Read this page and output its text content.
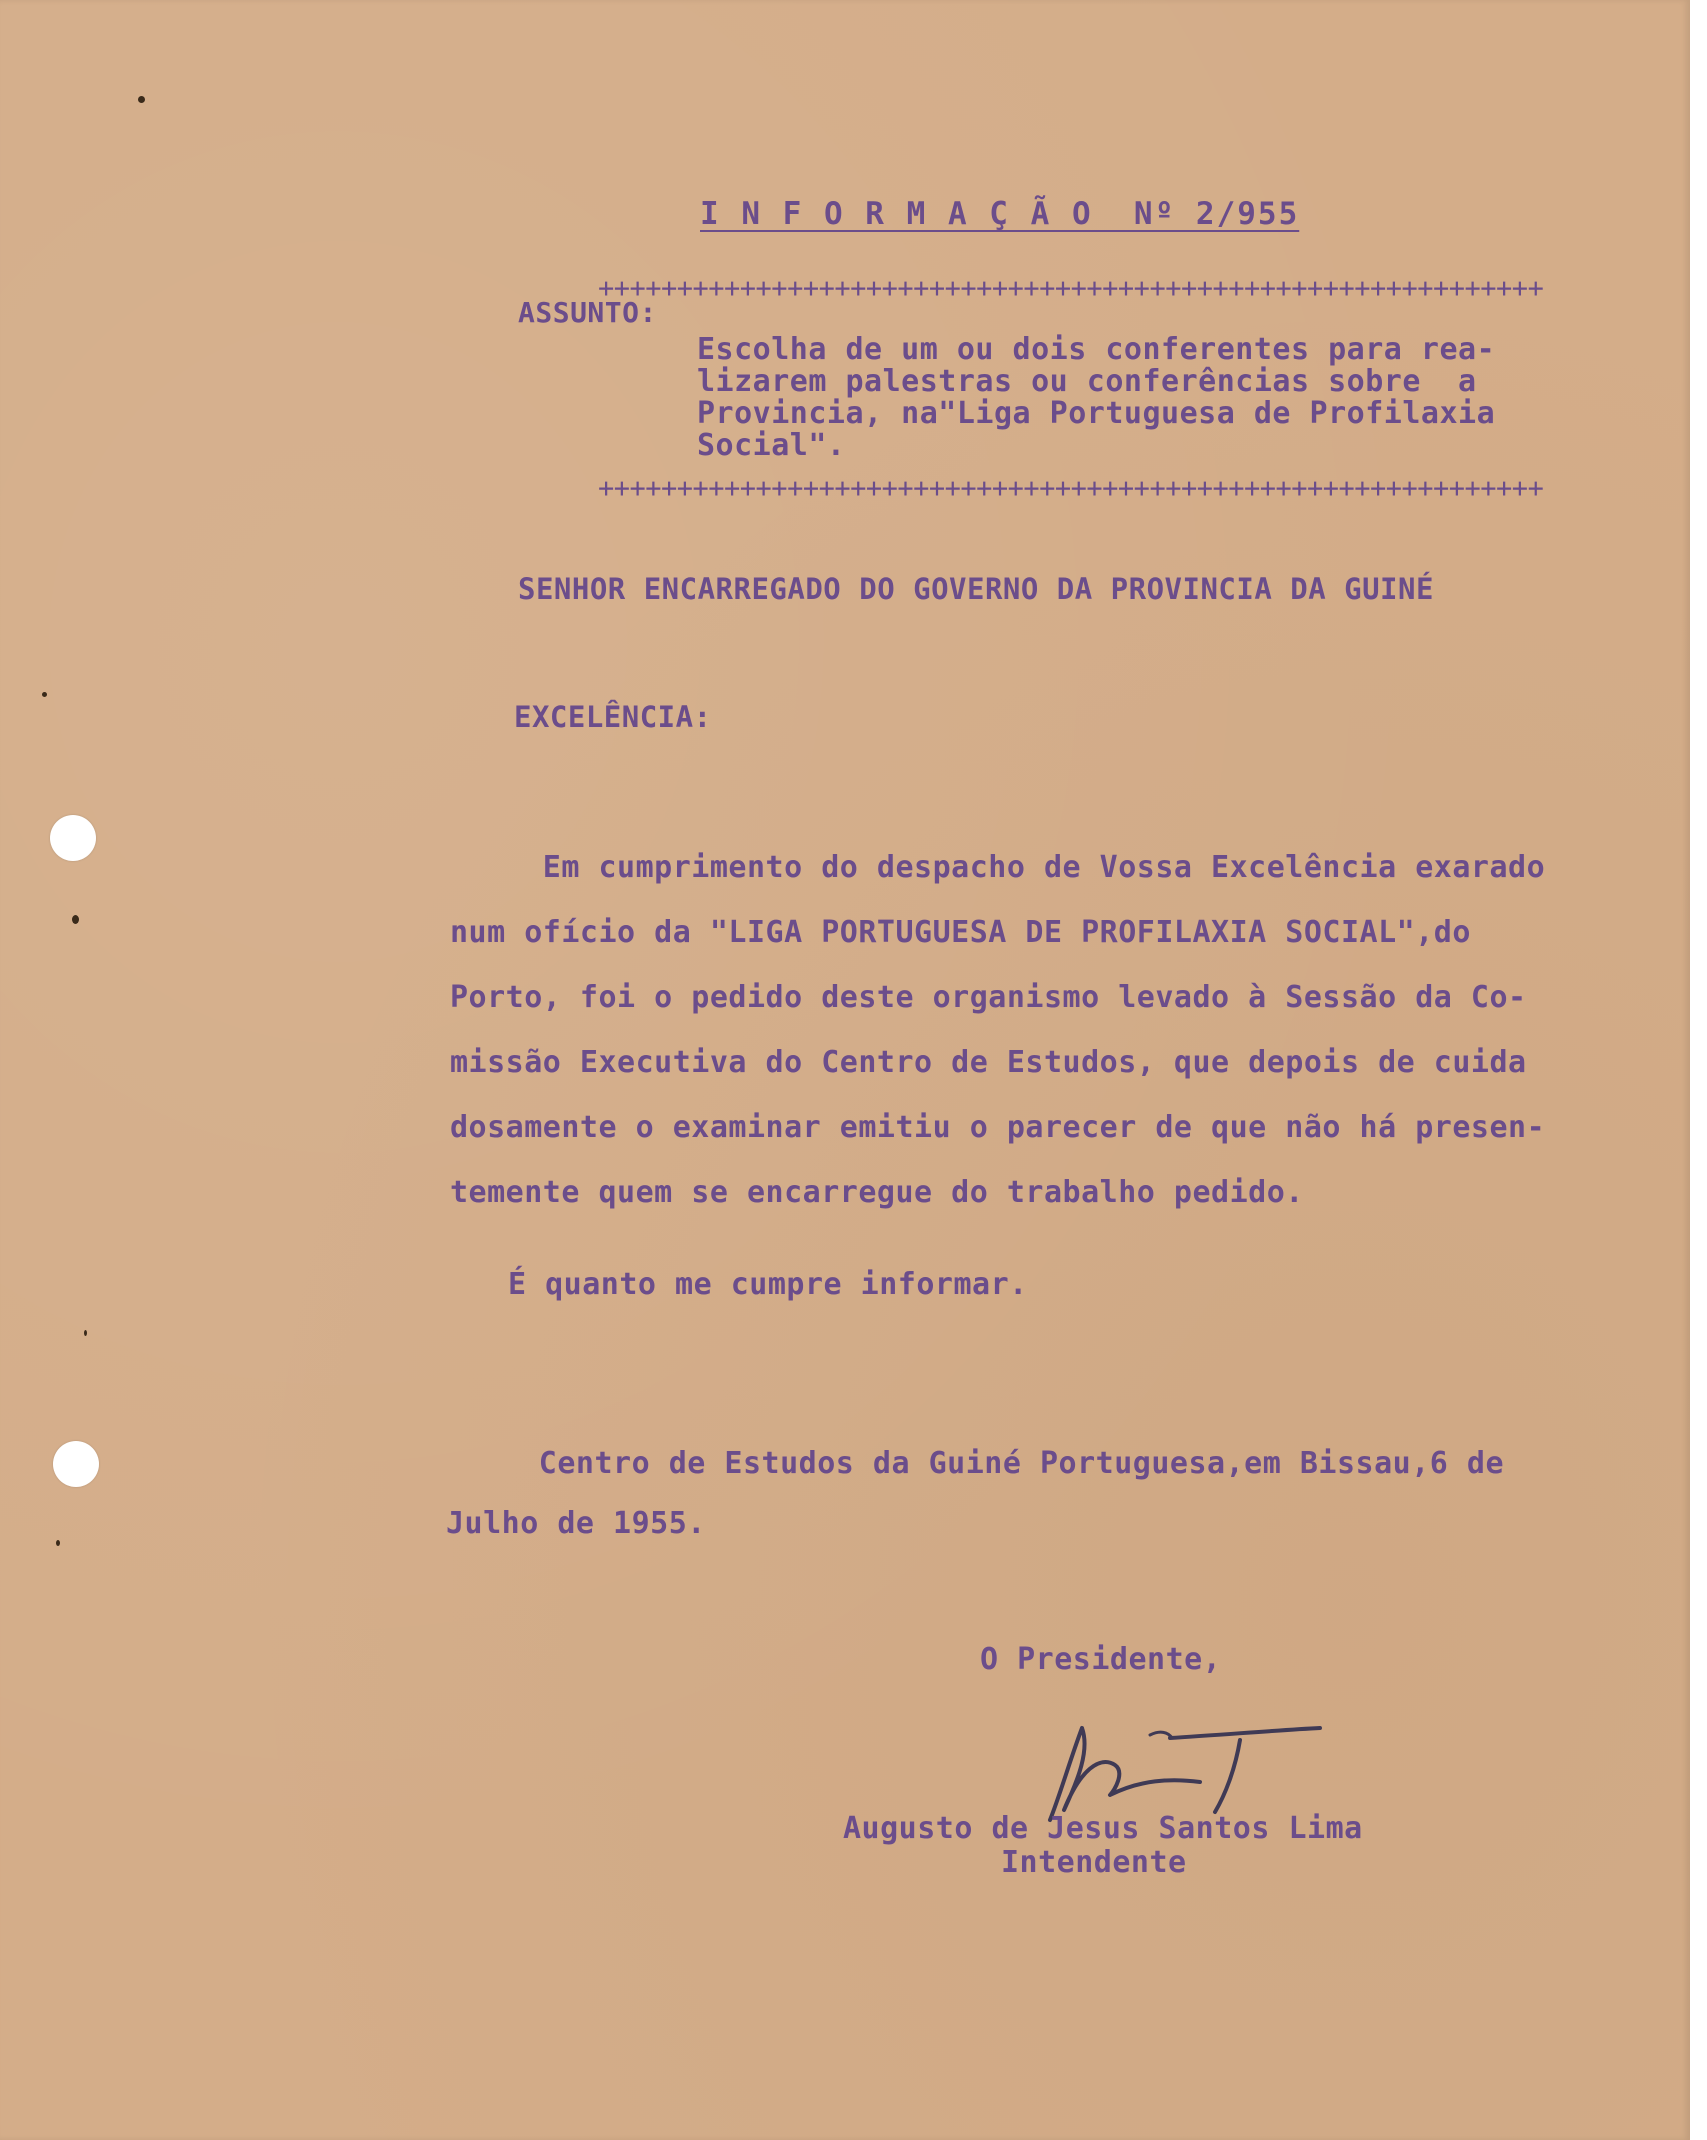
I N F O R M A Ç Ã O  Nº 2/955
++++++++++++++++++++++++++++++++++++++++++++++++++++++++++++
ASSUNTO:
Escolha de um ou dois conferentes para rea-
lizarem palestras ou conferências sobre  a
Provincia, na"Liga Portuguesa de Profilaxia
Social".
++++++++++++++++++++++++++++++++++++++++++++++++++++++++++++
SENHOR ENCARREGADO DO GOVERNO DA PROVINCIA DA GUINÉ
EXCELÊNCIA:
Em cumprimento do despacho de Vossa Excelência exarado
num ofício da "LIGA PORTUGUESA DE PROFILAXIA SOCIAL",do
Porto, foi o pedido deste organismo levado à Sessão da Co-
missão Executiva do Centro de Estudos, que depois de cuida
dosamente o examinar emitiu o parecer de que não há presen-
temente quem se encarregue do trabalho pedido.
É quanto me cumpre informar.
Centro de Estudos da Guiné Portuguesa,em Bissau,6 de
Julho de 1955.
O Presidente,
Augusto de Jesus Santos Lima
Intendente
